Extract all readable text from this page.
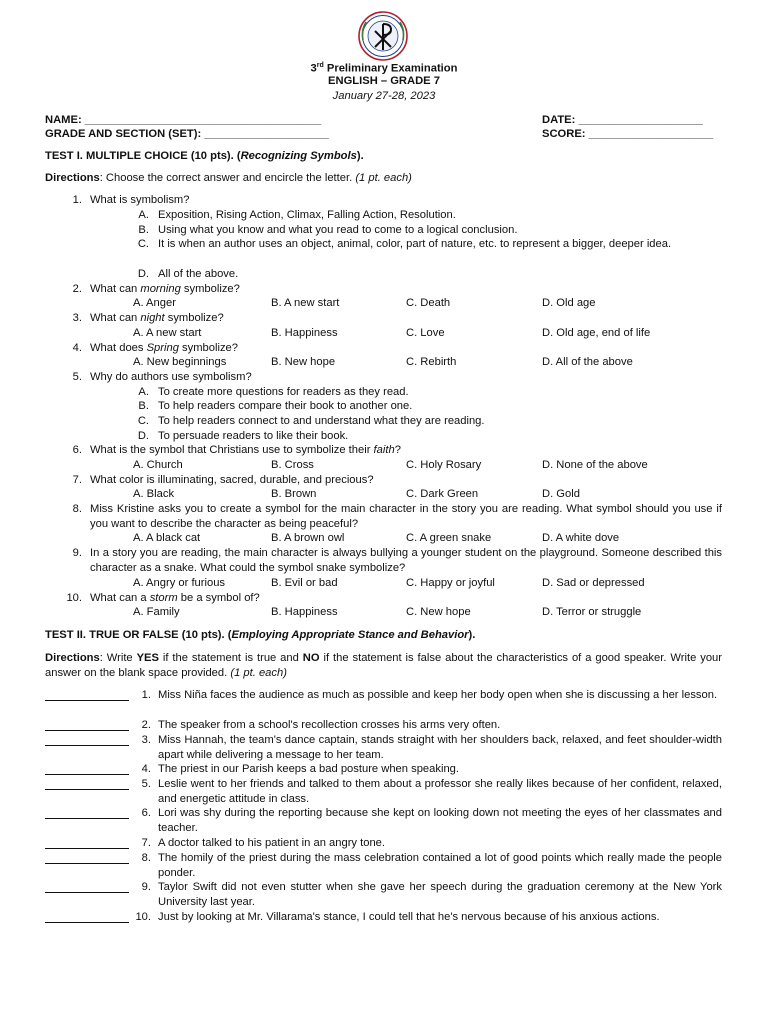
3rd Preliminary Examination
ENGLISH – GRADE 7
January 27-28, 2023
NAME: ______________________________________	DATE: ____________________
GRADE AND SECTION (SET): ____________________	SCORE: ____________________
TEST I. MULTIPLE CHOICE (10 pts). (Recognizing Symbols).
Directions: Choose the correct answer and encircle the letter. (1 pt. each)
1. What is symbolism?
A. Exposition, Rising Action, Climax, Falling Action, Resolution.
B. Using what you know and what you read to come to a logical conclusion.
C. It is when an author uses an object, animal, color, part of nature, etc. to represent a bigger, deeper idea.
D. All of the above.
2. What can morning symbolize?
A. Anger	B. A new start	C. Death	D. Old age
3. What can night symbolize?
A. A new start	B. Happiness	C. Love	D. Old age, end of life
4. What does Spring symbolize?
A. New beginnings	B. New hope	C. Rebirth	D. All of the above
5. Why do authors use symbolism?
A. To create more questions for readers as they read.
B. To help readers compare their book to another one.
C. To help readers connect to and understand what they are reading.
D. To persuade readers to like their book.
6. What is the symbol that Christians use to symbolize their faith?
A. Church	B. Cross	C. Holy Rosary	D. None of the above
7. What color is illuminating, sacred, durable, and precious?
A. Black	B. Brown	C. Dark Green	D. Gold
8. Miss Kristine asks you to create a symbol for the main character in the story you are reading. What symbol should you use if you want to describe the character as being peaceful?
A. A black cat	B. A brown owl	C. A green snake	D. A white dove
9. In a story you are reading, the main character is always bullying a younger student on the playground. Someone described this character as a snake. What could the symbol snake symbolize?
A. Angry or furious	B. Evil or bad	C. Happy or joyful	D. Sad or depressed
10. What can a storm be a symbol of?
A. Family	B. Happiness	C. New hope	D. Terror or struggle
TEST II. TRUE OR FALSE (10 pts). (Employing Appropriate Stance and Behavior).
Directions: Write YES if the statement is true and NO if the statement is false about the characteristics of a good speaker. Write your answer on the blank space provided. (1 pt. each)
1. Miss Niña faces the audience as much as possible and keep her body open when she is discussing a her lesson.
2. The speaker from a school's recollection crosses his arms very often.
3. Miss Hannah, the team's dance captain, stands straight with her shoulders back, relaxed, and feet shoulder-width apart while delivering a message to her team.
4. The priest in our Parish keeps a bad posture when speaking.
5. Leslie went to her friends and talked to them about a professor she really likes because of her confident, relaxed, and energetic attitude in class.
6. Lori was shy during the reporting because she kept on looking down not meeting the eyes of her classmates and teacher.
7. A doctor talked to his patient in an angry tone.
8. The homily of the priest during the mass celebration contained a lot of good points which really made the people ponder.
9. Taylor Swift did not even stutter when she gave her speech during the graduation ceremony at the New York University last year.
10. Just by looking at Mr. Villarama's stance, I could tell that he's nervous because of his anxious actions.
